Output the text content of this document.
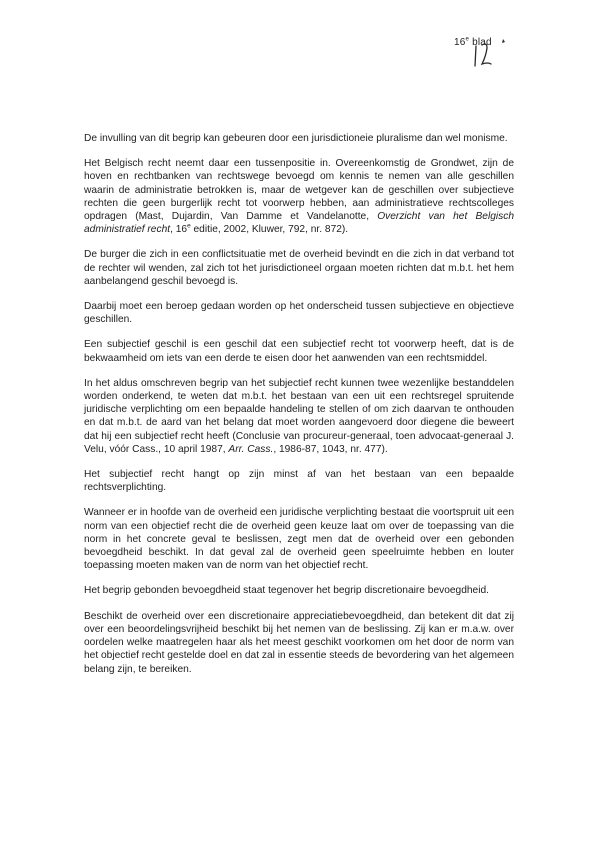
16e blad

De invulling van dit begrip kan gebeuren door een jurisdictioneie pluralisme dan wel monisme.

Het Belgisch recht neemt daar een tussenpositie in. Overeenkomstig de Grondwet, zijn de hoven en rechtbanken van rechtswege bevoegd om kennis te nemen van alle geschillen waarin de administratie betrokken is, maar de wetgever kan de geschillen over subjectieve rechten die geen burgerlijk recht tot voorwerp hebben, aan administratieve rechtscolleges opdragen (Mast, Dujardin, Van Damme et Vandelanotte, Overzicht van het Belgisch administratief recht, 16e editie, 2002, Kluwer, 792, nr. 872).

De burger die zich in een conflictsituatie met de overheid bevindt en die zich in dat verband tot de rechter wil wenden, zal zich tot het jurisdictioneel orgaan moeten richten dat m.b.t. het hem aanbelangend geschil bevoegd is.

Daarbij moet een beroep gedaan worden op het onderscheid tussen subjectieve en objectieve geschillen.

Een subjectief geschil is een geschil dat een subjectief recht tot voorwerp heeft, dat is de bekwaamheid om iets van een derde te eisen door het aanwenden van een rechtsmiddel.

In het aldus omschreven begrip van het subjectief recht kunnen twee wezenlijke bestanddelen worden onderkend, te weten dat m.b.t. het bestaan van een uit een rechtsregel spruitende juridische verplichting om een bepaalde handeling te stellen of om zich daarvan te onthouden en dat m.b.t. de aard van het belang dat moet worden aangevoerd door diegene die beweert dat hij een subjectief recht heeft (Conclusie van procureur-generaal, toen advocaat-generaal J. Velu, vóór Cass., 10 april 1987, Arr. Cass., 1986-87, 1043, nr. 477).

Het subjectief recht hangt op zijn minst af van het bestaan van een bepaalde rechtsverplichting.

Wanneer er in hoofde van de overheid een juridische verplichting bestaat die voortspruit uit een norm van een objectief recht die de overheid geen keuze laat om over de toepassing van die norm in het concrete geval te beslissen, zegt men dat de overheid over een gebonden bevoegdheid beschikt. In dat geval zal de overheid geen speelruimte hebben en louter toepassing moeten maken van de norm van het objectief recht.

Het begrip gebonden bevoegdheid staat tegenover het begrip discretionaire bevoegdheid.

Beschikt de overheid over een discretionaire appreciatiebevoegdheid, dan betekent dit dat zij over een beoordelingsvrijheid beschikt bij het nemen van de beslissing. Zij kan er m.a.w. over oordelen welke maatregelen haar als het meest geschikt voorkomen om het door de norm van het objectief recht gestelde doel en dat zal in essentie steeds de bevordering van het algemeen belang zijn, te bereiken.
